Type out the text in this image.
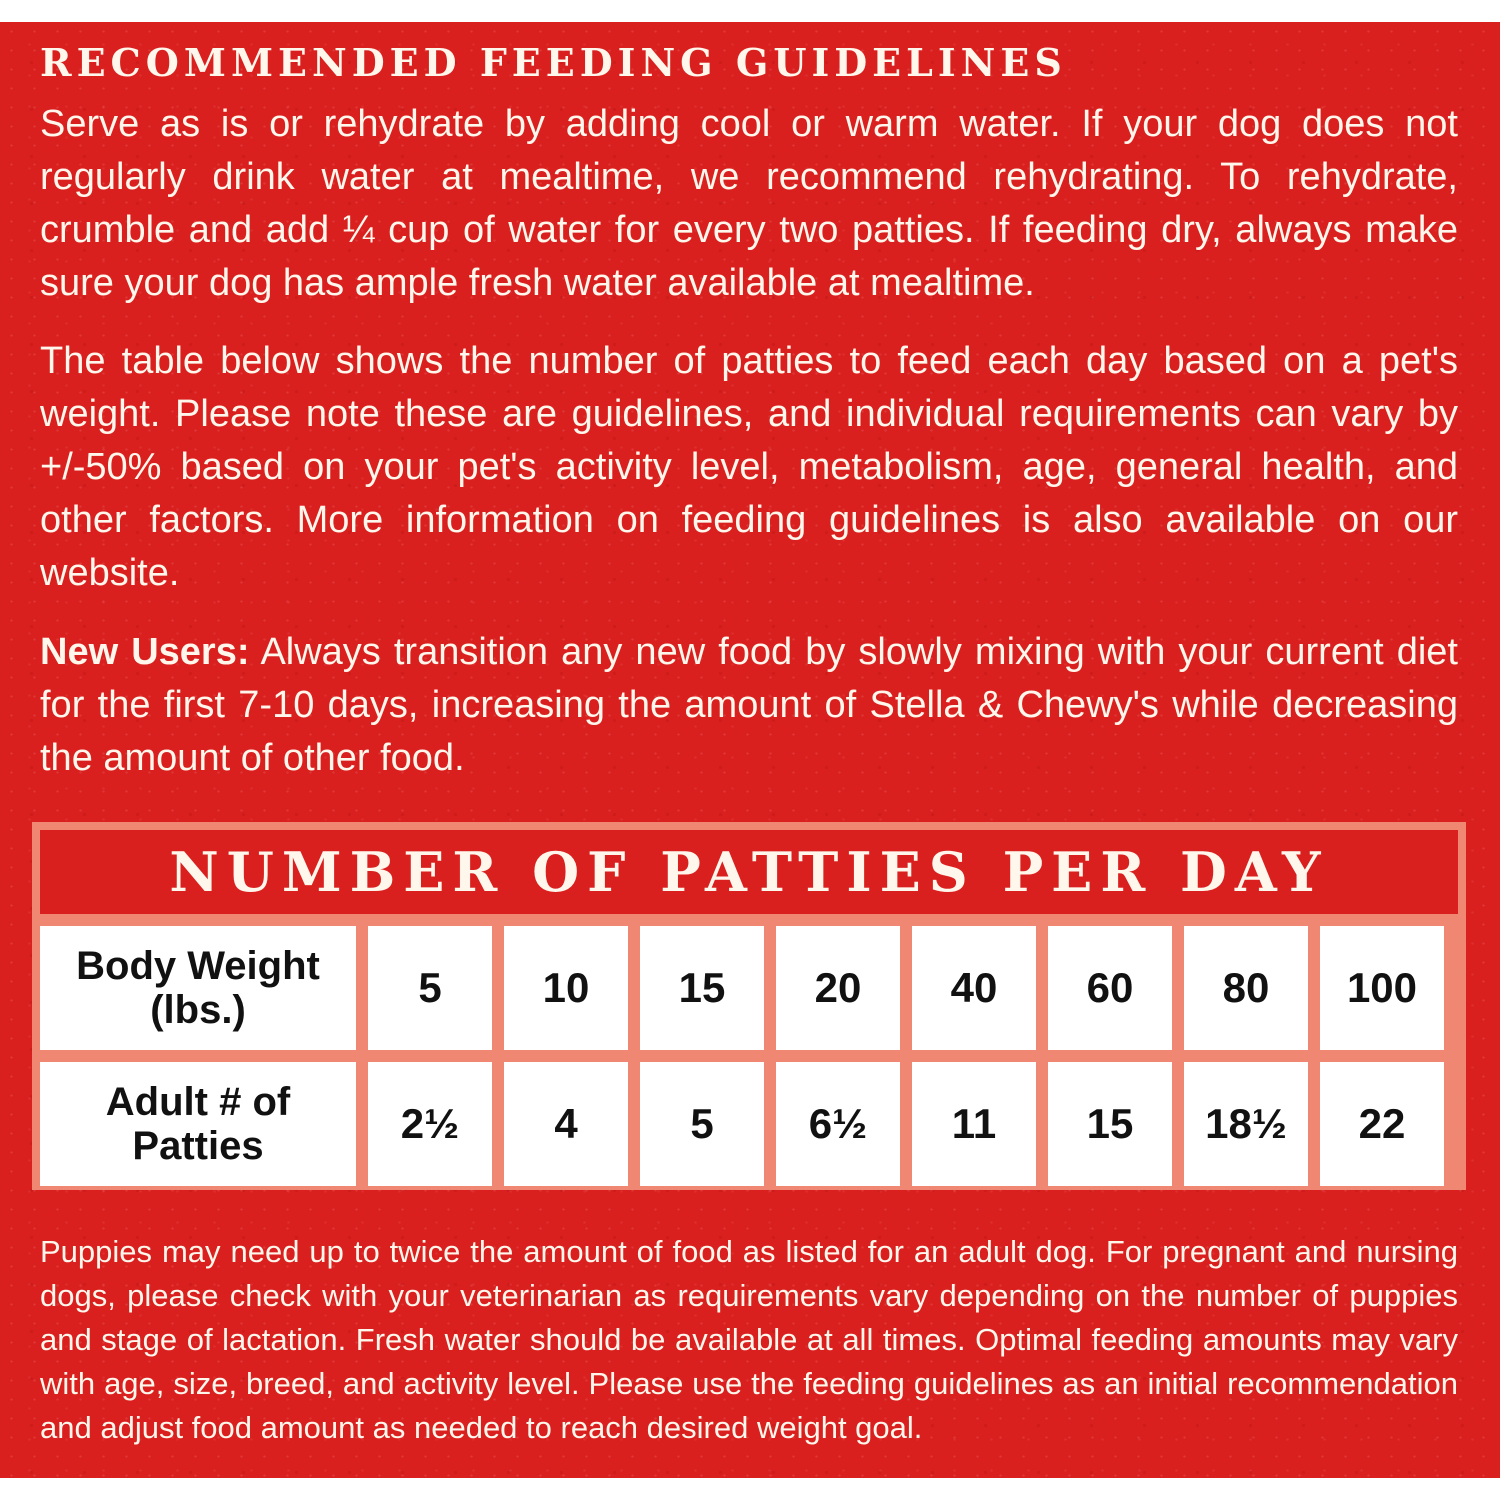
RECOMMENDED FEEDING GUIDELINES

Serve as is or rehydrate by adding cool or warm water. If your dog does not regularly drink water at mealtime, we recommend rehydrating. To rehydrate, crumble and add ¼ cup of water for every two patties. If feeding dry, always make sure your dog has ample fresh water available at mealtime.

The table below shows the number of patties to feed each day based on a pet's weight. Please note these are guidelines, and individual requirements can vary by +/-50% based on your pet's activity level, metabolism, age, general health, and other factors. More information on feeding guidelines is also available on our website.

New Users: Always transition any new food by slowly mixing with your current diet for the first 7-10 days, increasing the amount of Stella & Chewy's while decreasing the amount of other food.

NUMBER OF PATTIES PER DAY
Body Weight (lbs.)	5	10	15	20	40	60	80	100
Adult # of Patties	2½	4	5	6½	11	15	18½	22

Puppies may need up to twice the amount of food as listed for an adult dog. For pregnant and nursing dogs, please check with your veterinarian as requirements vary depending on the number of puppies and stage of lactation. Fresh water should be available at all times. Optimal feeding amounts may vary with age, size, breed, and activity level. Please use the feeding guidelines as an initial recommendation and adjust food amount as needed to reach desired weight goal.
